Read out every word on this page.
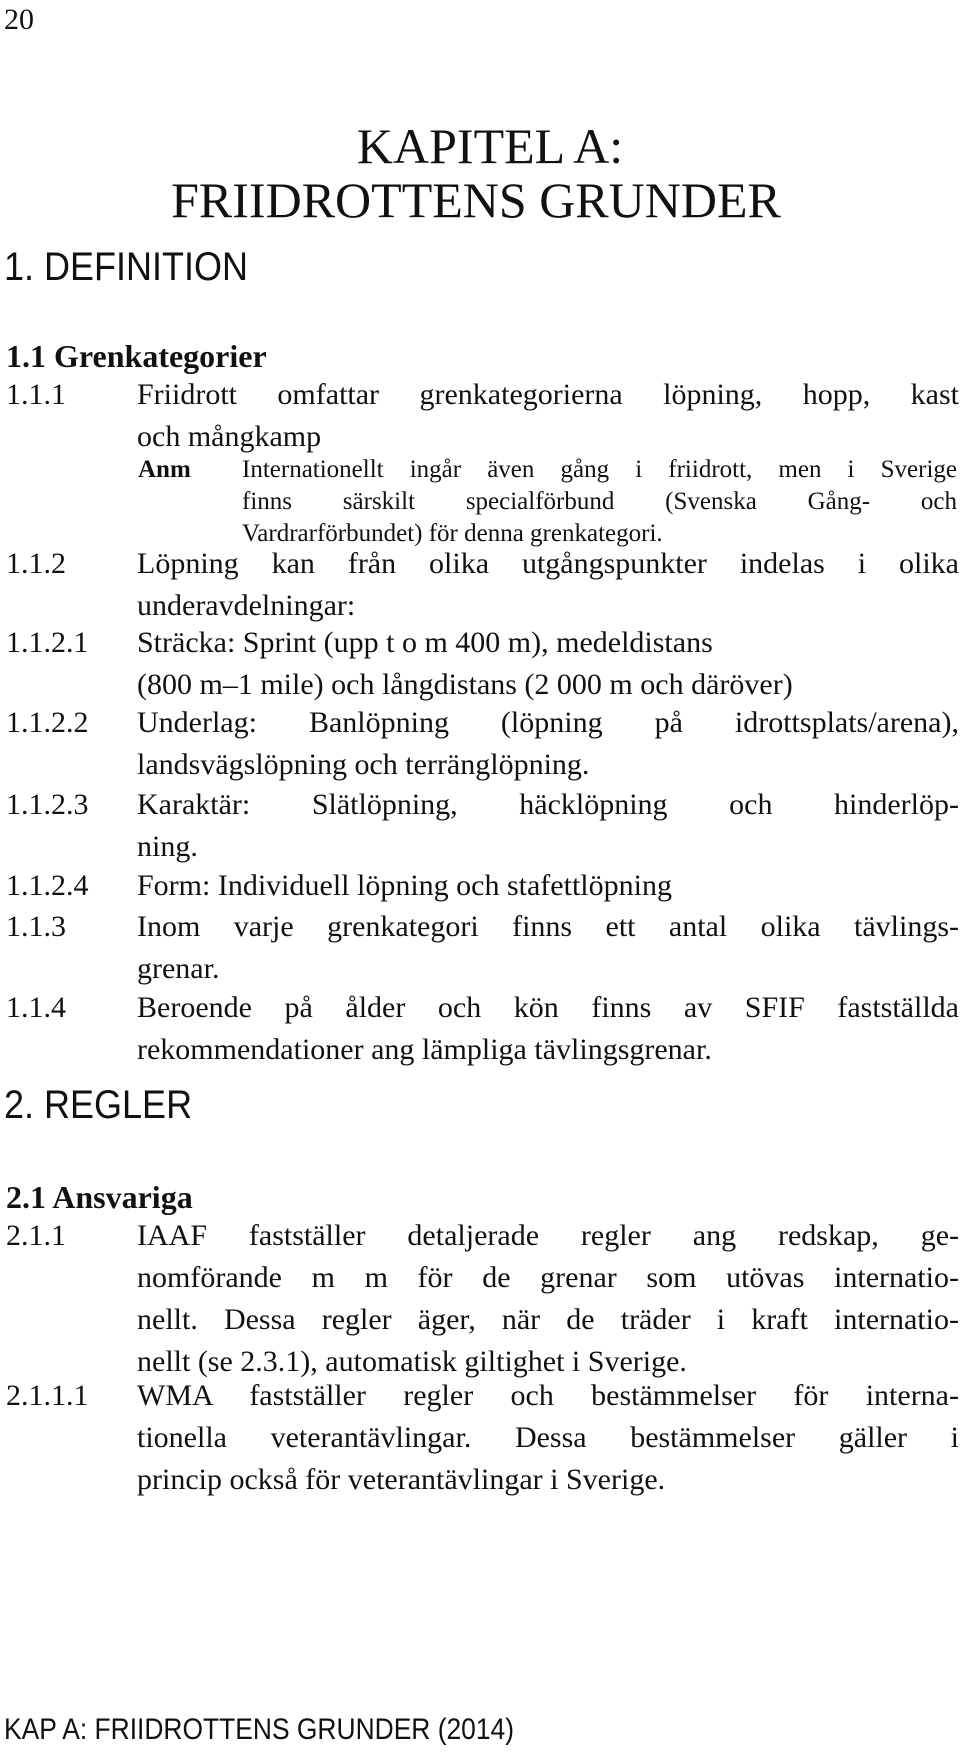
20
KAPITEL A:
FRIIDROTTENS GRUNDER
1. DEFINITION
1.1 Grenkategorier
1.1.1 Friidrott omfattar grenkategorierna löpning, hopp, kast
och mångkamp
Anm Internationellt ingår även gång i friidrott, men i Sverige
finns särskilt specialförbund (Svenska Gång- och
Vardrarförbundet) för denna grenkategori.
1.1.2 Löpning kan från olika utgångspunkter indelas i olika
underavdelningar:
1.1.2.1 Sträcka: Sprint (upp t o m 400 m), medeldistans
(800 m–1 mile) och långdistans (2 000 m och däröver)
1.1.2.2 Underlag: Banlöpning (löpning på idrottsplats/arena),
landsvägslöpning och terränglöpning.
1.1.2.3 Karaktär: Slätlöpning, häcklöpning och hinderlöp-
ning.
1.1.2.4 Form: Individuell löpning och stafettlöpning
1.1.3 Inom varje grenkategori finns ett antal olika tävlings-
grenar.
1.1.4 Beroende på ålder och kön finns av SFIF fastställda
rekommendationer ang lämpliga tävlingsgrenar.
2. REGLER
2.1 Ansvariga
2.1.1 IAAF fastställer detaljerade regler ang redskap, ge-
nomförande m m för de grenar som utövas internatio-
nellt. Dessa regler äger, när de träder i kraft internatio-
nellt (se 2.3.1), automatisk giltighet i Sverige.
2.1.1.1 WMA fastställer regler och bestämmelser för interna-
tionella veterantävlingar. Dessa bestämmelser gäller i
princip också för veterantävlingar i Sverige.
KAP A: FRIIDROTTENS GRUNDER (2014)
